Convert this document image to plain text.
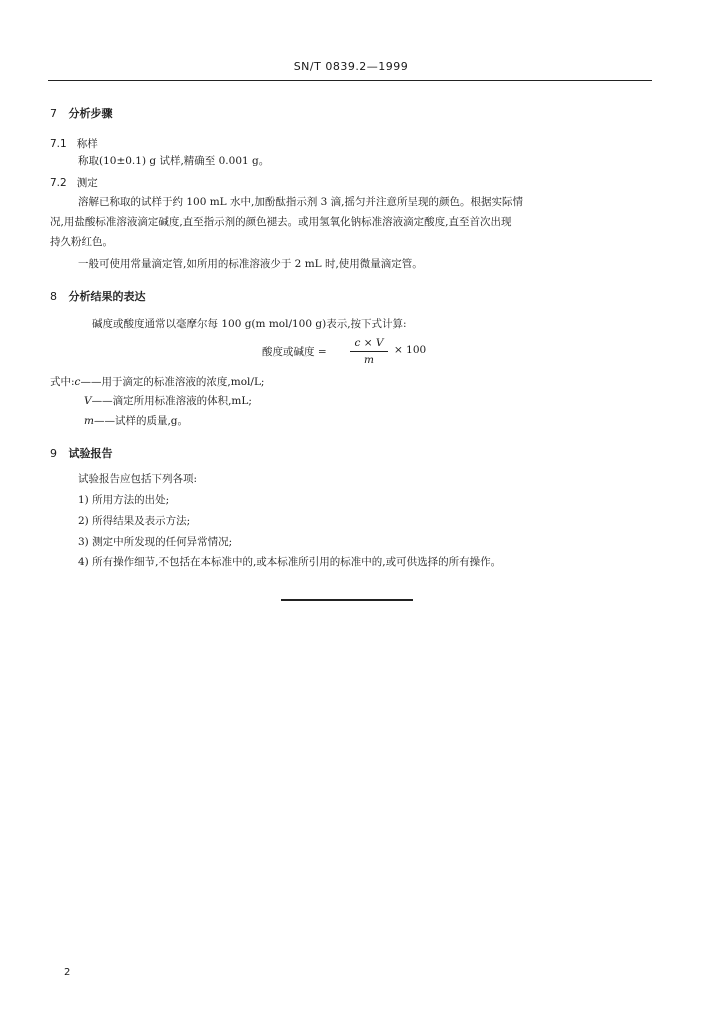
SN/T 0839.2—1999
7 分析步骤
7.1 称样
称取(10±0.1) g 试样,精确至 0.001 g。
7.2 测定
溶解已称取的试样于约 100 mL 水中,加酚酞指示剂 3 滴,摇匀并注意所呈现的颜色。根据实际情
况,用盐酸标准溶液滴定碱度,直至指示剂的颜色褪去。或用氢氧化钠标准溶液滴定酸度,直至首次出现
持久粉红色。
一般可使用常量滴定管,如所用的标准溶液少于 2 mL 时,使用微量滴定管。
8 分析结果的表达
碱度或酸度通常以毫摩尔每 100 g(m mol/100 g)表示,按下式计算:
酸度或碱度 =
c × V
m
× 100
式中:c——用于滴定的标准溶液的浓度,mol/L;
V——滴定所用标准溶液的体积,mL;
m——试样的质量,g。
9 试验报告
试验报告应包括下列各项:
1) 所用方法的出处;
2) 所得结果及表示方法;
3) 测定中所发现的任何异常情况;
4) 所有操作细节,不包括在本标准中的,或本标准所引用的标准中的,或可供选择的所有操作。
2
